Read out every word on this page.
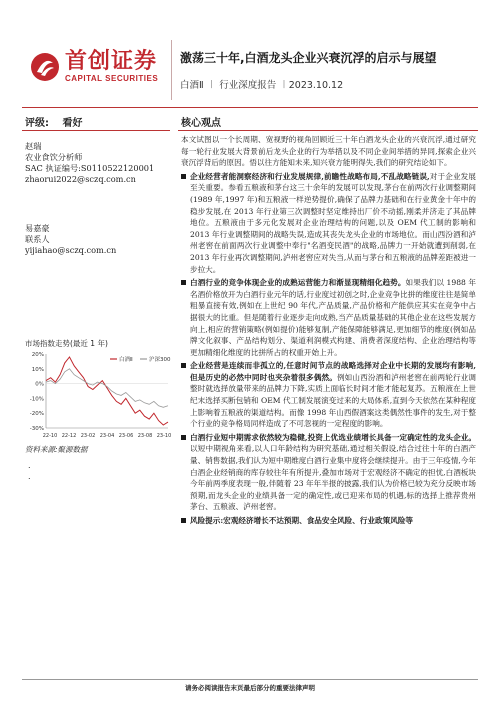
首创证券
CAPITAL SECURITIES
激荡三十年,白酒龙头企业兴衰沉浮的启示与展望
白酒Ⅱ ︱ 行业深度报告 ︱2023.10.12
评级: 看好	核心观点
赵瑞
农业食饮分析师
SAC 执证编号:S0110522120001
zhaorui2022@sczq.com.cn
易嘉豪
联系人
yijiahao@sczq.com.cn
市场指数走势(最近 1 年)
20%
10%
0%
-10%
-20%
-30%
22-10 22-12 23-02 23-04 23-06 23-08 23-10
白酒Ⅱ	沪深300
资料来源:聚源数据
.
.

本文试图以一个长周期、宽视野的视角回顾近三十年白酒龙头企业的兴衰沉浮,通过研究每一轮行业发展大背景前后龙头企业的行为举措以及不同企业间举措的异同,探索企业兴衰沉浮背后的原因。悟以往方能知未来,知兴衰方能明得失,我们的研究结论如下。

企业经营者能洞察经济和行业发展规律,前瞻性战略布局,不乱战略链误,对于企业发展至关重要。参看五粮液和茅台这三十余年的发展可以发现,茅台在前两次行业调整期间(1989 年,1997 年)和五粮液一样逆势提价,确保了品牌力基础和在行业黄金十年中的稳步发展,在 2013 年行业第三次调整时坚定维持出厂价不动摇,刚柔并济走了其品牌地位。五粮液由于多元化发展对企业治理结构的问题,以及 OEM 代工制的影响和 2013 年行业调整期间的战略失误,造成其丧失龙头企业的市场地位。而山西汾酒和泸州老窖在前面两次行业调整中奉行"名酒变民酒"的战略,品牌力一开始就遭到削弱,在 2013 年行业再次调整期间,泸州老窖应对失当,从而与茅台和五粮液的品牌差距被进一步拉大。

白酒行业的竞争体现企业的成熟运营能力和渐显现精细化趋势。如果我们以 1988 年名酒价格放开为白酒行业元年的话,行业度过初创之时,企业竞争比拼的维度往往是简单粗暴直接有效,例如在上世纪 90 年代,产品质量,产品价格和产能供应其实在竞争中占据很大的比重。但是随着行业逐步走向成熟,当产品质量基础的其他企业在这些发展方向上,相应的营销策略(例如提价)能够复制,产能保障能够满足,更加细节的维度(例如品牌文化叙事、产品结构划分、渠道利润模式构建、消费者深度结构、企业治理结构等更加精细化维度的比拼所占的权重开始上升。

企业经营是连续而非孤立的,任意时间节点的战略选择对企业中长期的发展均有影响,但是历史的必然中同时也夹杂着很多偶然。例如山西汾酒和泸州老窖在前两轮行业调整时就选择放量带来的品牌力下降,实质上面临长时间才能才能起复苏。五粮液在上世纪末选择买断包销和 OEM 代工制发展演变过来的大局体系,直到今天依然在某种程度上影响着五粮液的渠道结构。而像 1998 年山西假酒案这类偶然性事件的发生,对于整个行业的竞争格局同样造成了不可忽视的一定程度的影响。

白酒行业短中期需求依然较为稳健,投资上优选业绩增长具备一定确定性的龙头企业。以短中期视角来看,以人口年龄结构为研究基础,通过相关假设,结合过往十年的白酒产量、销售数据,我们认为短中期维度白酒行业集中度将会继续提升。由于三年疫情,今年白酒企业经销商的库存较往年有所提升,叠加市场对于宏观经济不确定的担忧,白酒板块今年前两季度表现一般,伴随着 23 年年半报的披露,我们认为价格已较为充分反映市场预期,而龙头企业的业绩具备一定的确定性,或已迎来布局的机遇,标的选择上推荐贵州茅台、五粮液、泸州老窖。

风险提示:宏观经济增长不达预期、食品安全风险、行业政策风险等

请务必阅读报告末页最后部分的重要法律声明
